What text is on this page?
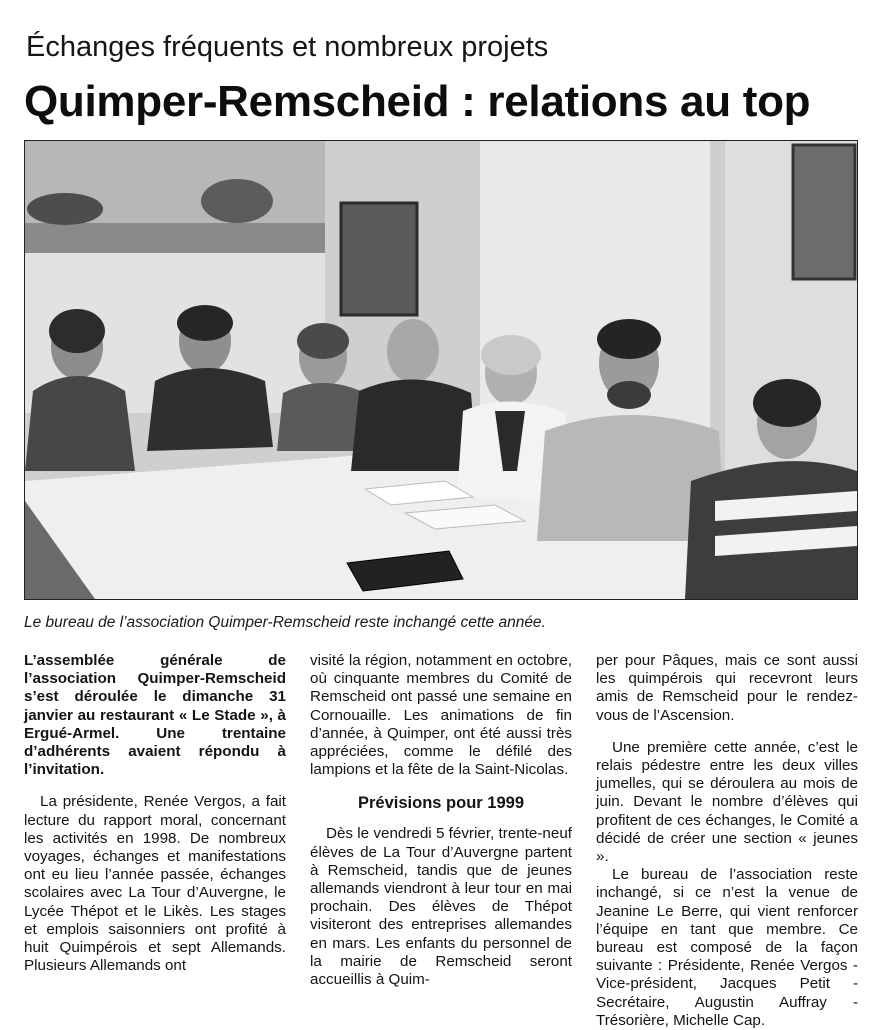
Échanges fréquents et nombreux projets
Quimper-Remscheid : relations au top

Le bureau de l’association Quimper-Remscheid reste inchangé cette année.

L’assemblée générale de l’association Quimper-Remscheid s’est déroulée le dimanche 31 janvier au restaurant « Le Stade », à Ergué-Armel. Une trentaine d’adhérents avaient répondu à l’invitation.

La présidente, Renée Vergos, a fait lecture du rapport moral, concernant les activités en 1998. De nombreux voyages, échanges et manifestations ont eu lieu l’année passée, échanges scolaires avec La Tour d’Auvergne, le Lycée Thépot et le Likès. Les stages et emplois saisonniers ont profité à huit Quimpérois et sept Allemands. Plusieurs Allemands ont

visité la région, notamment en octobre, où cinquante membres du Comité de Remscheid ont passé une semaine en Cornouaille. Les animations de fin d’année, à Quimper, ont été aussi très appréciées, comme le défilé des lampions et la fête de la Saint-Nicolas.

Prévisions pour 1999

Dès le vendredi 5 février, trente-neuf élèves de La Tour d’Auvergne partent à Remscheid, tandis que de jeunes allemands viendront à leur tour en mai prochain. Des élèves de Thépot visiteront des entreprises allemandes en mars. Les enfants du personnel de la mairie de Remscheid seront accueillis à Quim-

per pour Pâques, mais ce sont aussi les quimpérois qui recevront leurs amis de Remscheid pour le rendez-vous de l’Ascension.

Une première cette année, c’est le relais pédestre entre les deux villes jumelles, qui se déroulera au mois de juin. Devant le nombre d’élèves qui profitent de ces échanges, le Comité a décidé de créer une section « jeunes ».

Le bureau de l’association reste inchangé, si ce n’est la venue de Jeanine Le Berre, qui vient renforcer l’équipe en tant que membre. Ce bureau est composé de la façon suivante : Présidente, Renée Vergos - Vice-président, Jacques Petit - Secrétaire, Augustin Auffray - Trésorière, Michelle Cap.
